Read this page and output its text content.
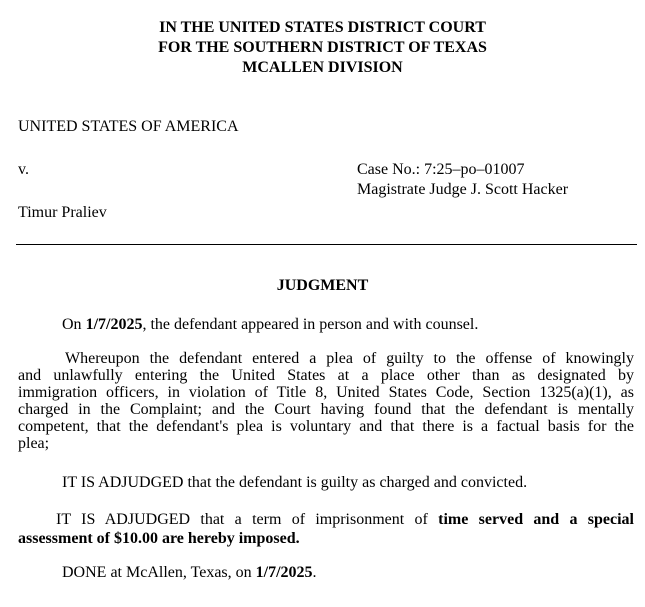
IN THE UNITED STATES DISTRICT COURT
FOR THE SOUTHERN DISTRICT OF TEXAS
MCALLEN DIVISION
UNITED STATES OF AMERICA
v.
Timur Praliev
Case No.: 7:25–po–01007
Magistrate Judge J. Scott Hacker
JUDGMENT
On 1/7/2025, the defendant appeared in person and with counsel.
Whereupon the defendant entered a plea of guilty to the offense of knowingly
and unlawfully entering the United States at a place other than as designated by
immigration officers, in violation of Title 8, United States Code, Section 1325(a)(1), as
charged in the Complaint; and the Court having found that the defendant is mentally
competent, that the defendant's plea is voluntary and that there is a factual basis for the
plea;
IT IS ADJUDGED that the defendant is guilty as charged and convicted.
IT IS ADJUDGED that a term of imprisonment of time served and a special
assessment of $10.00 are hereby imposed.
DONE at McAllen, Texas, on 1/7/2025.
